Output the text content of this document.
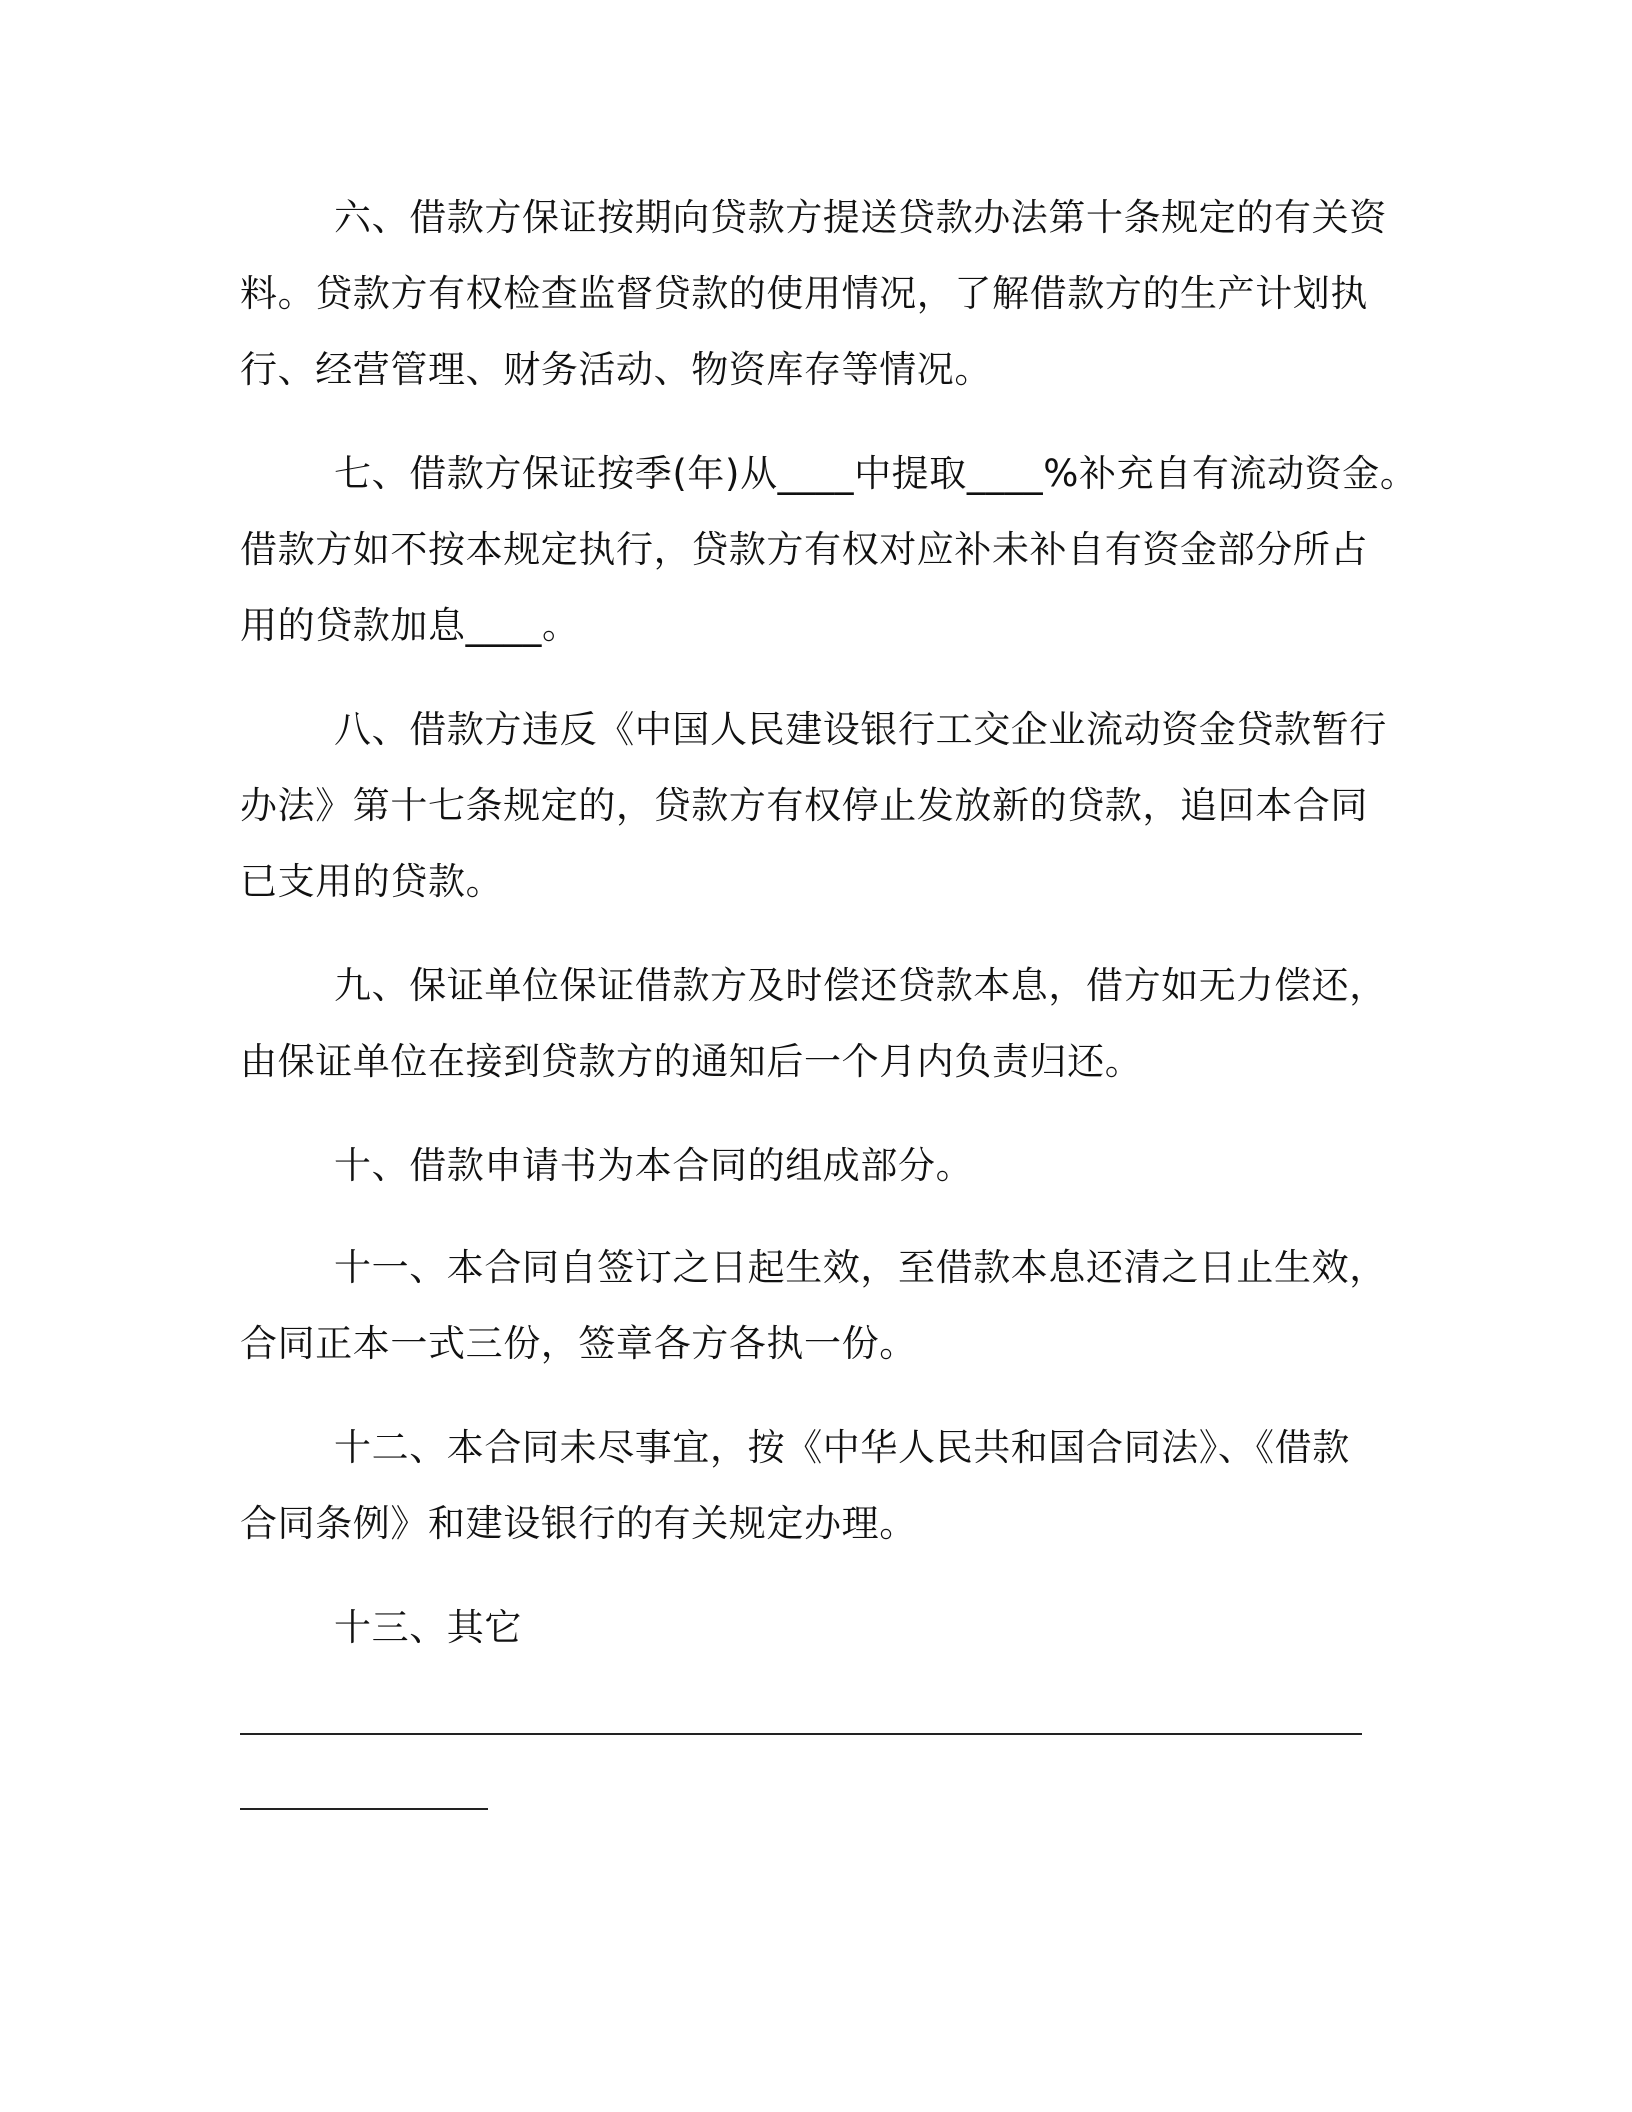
六、借款方保证按期向贷款方提送贷款办法第十条规定的有关资

料。贷款方有权检查监督贷款的使用情况，了解借款方的生产计划执

行、经营管理、财务活动、物资库存等情况。

七、借款方保证按季(年)从____中提取____%补充自有流动资金。

借款方如不按本规定执行，贷款方有权对应补未补自有资金部分所占

用的贷款加息____。

八、借款方违反《中国人民建设银行工交企业流动资金贷款暂行

办法》第十七条规定的，贷款方有权停止发放新的贷款，追回本合同

已支用的贷款。

九、保证单位保证借款方及时偿还贷款本息，借方如无力偿还，

由保证单位在接到贷款方的通知后一个月内负责归还。

十、借款申请书为本合同的组成部分。

十一、本合同自签订之日起生效，至借款本息还清之日止生效，

合同正本一式三份，签章各方各执一份。

十二、本合同未尽事宜，按《中华人民共和国合同法》、《借款

合同条例》和建设银行的有关规定办理。

十三、其它
